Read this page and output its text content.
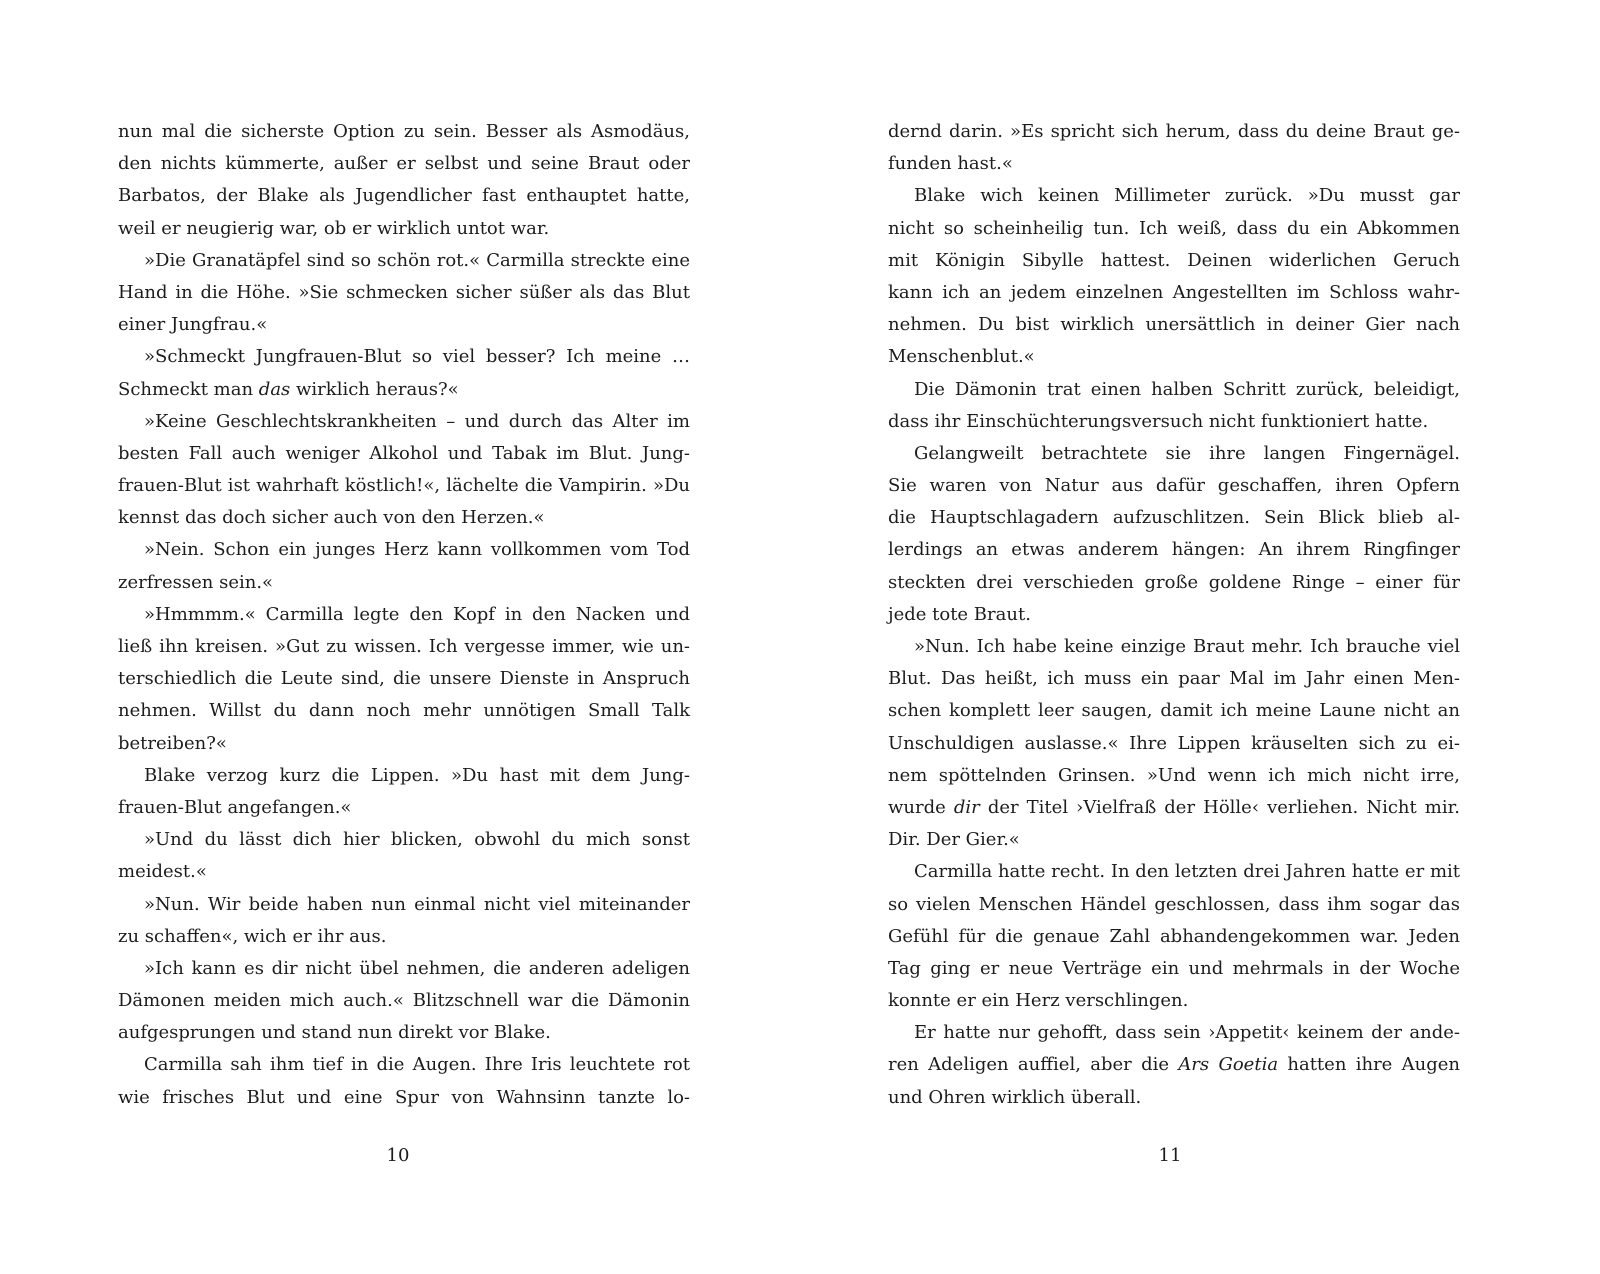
nun mal die sicherste Option zu sein. Besser als Asmodäus,
den nichts kümmerte, außer er selbst und seine Braut oder
Barbatos, der Blake als Jugendlicher fast enthauptet hatte,
weil er neugierig war, ob er wirklich untot war.
»Die Granatäpfel sind so schön rot.« Carmilla streckte eine
Hand in die Höhe. »Sie schmecken sicher süßer als das Blut
einer Jungfrau.«
»Schmeckt Jungfrauen-Blut so viel besser? Ich meine …
Schmeckt man das wirklich heraus?«
»Keine Geschlechtskrankheiten – und durch das Alter im
besten Fall auch weniger Alkohol und Tabak im Blut. Jung-
frauen-Blut ist wahrhaft köstlich!«, lächelte die Vampirin. »Du
kennst das doch sicher auch von den Herzen.«
»Nein. Schon ein junges Herz kann vollkommen vom Tod
zerfressen sein.«
»Hmmmm.« Carmilla legte den Kopf in den Nacken und
ließ ihn kreisen. »Gut zu wissen. Ich vergesse immer, wie un-
terschiedlich die Leute sind, die unsere Dienste in Anspruch
nehmen. Willst du dann noch mehr unnötigen Small Talk
betreiben?«
Blake verzog kurz die Lippen. »Du hast mit dem Jung-
frauen-Blut angefangen.«
»Und du lässt dich hier blicken, obwohl du mich sonst
meidest.«
»Nun. Wir beide haben nun einmal nicht viel miteinander
zu schaffen«, wich er ihr aus.
»Ich kann es dir nicht übel nehmen, die anderen adeligen
Dämonen meiden mich auch.« Blitzschnell war die Dämonin
aufgesprungen und stand nun direkt vor Blake.
Carmilla sah ihm tief in die Augen. Ihre Iris leuchtete rot
wie frisches Blut und eine Spur von Wahnsinn tanzte lo-
10
dernd darin. »Es spricht sich herum, dass du deine Braut ge-
funden hast.«
Blake wich keinen Millimeter zurück. »Du musst gar
nicht so scheinheilig tun. Ich weiß, dass du ein Abkommen
mit Königin Sibylle hattest. Deinen widerlichen Geruch
kann ich an jedem einzelnen Angestellten im Schloss wahr-
nehmen. Du bist wirklich unersättlich in deiner Gier nach
Menschenblut.«
Die Dämonin trat einen halben Schritt zurück, beleidigt,
dass ihr Einschüchterungsversuch nicht funktioniert hatte.
Gelangweilt betrachtete sie ihre langen Fingernägel.
Sie waren von Natur aus dafür geschaffen, ihren Opfern
die Hauptschlagadern aufzuschlitzen. Sein Blick blieb al-
lerdings an etwas anderem hängen: An ihrem Ringfinger
steckten drei verschieden große goldene Ringe – einer für
jede tote Braut.
»Nun. Ich habe keine einzige Braut mehr. Ich brauche viel
Blut. Das heißt, ich muss ein paar Mal im Jahr einen Men-
schen komplett leer saugen, damit ich meine Laune nicht an
Unschuldigen auslasse.« Ihre Lippen kräuselten sich zu ei-
nem spöttelnden Grinsen. »Und wenn ich mich nicht irre,
wurde dir der Titel ›Vielfraß der Hölle‹ verliehen. Nicht mir.
Dir. Der Gier.«
Carmilla hatte recht. In den letzten drei Jahren hatte er mit
so vielen Menschen Händel geschlossen, dass ihm sogar das
Gefühl für die genaue Zahl abhandengekommen war. Jeden
Tag ging er neue Verträge ein und mehrmals in der Woche
konnte er ein Herz verschlingen.
Er hatte nur gehofft, dass sein ›Appetit‹ keinem der ande-
ren Adeligen auffiel, aber die Ars Goetia hatten ihre Augen
und Ohren wirklich überall.
11
